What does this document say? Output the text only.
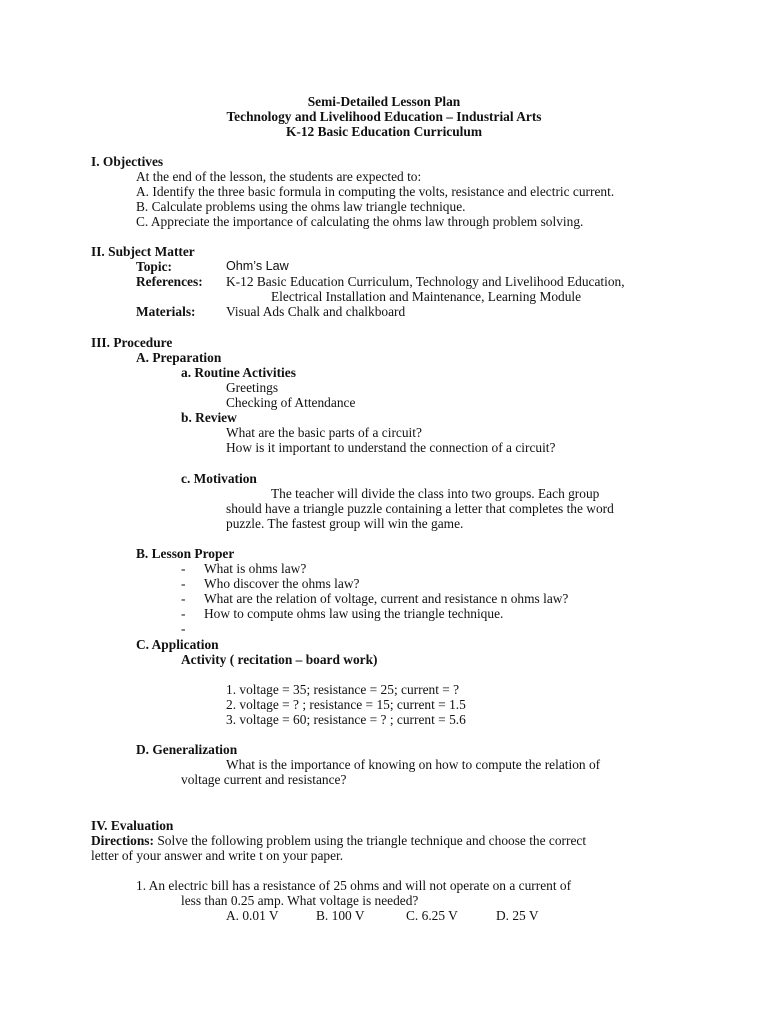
Semi-Detailed Lesson Plan
Technology and Livelihood Education – Industrial Arts
K-12 Basic Education Curriculum
I. Objectives
At the end of the lesson, the students are expected to:
A. Identify the three basic formula in computing the volts, resistance and electric current.
B. Calculate problems using the ohms law triangle technique.
C. Appreciate the importance of calculating the ohms law through problem solving.
II. Subject Matter
Topic:	Ohm’s Law
References: K-12 Basic Education Curriculum, Technology and Livelihood Education,
Electrical Installation and Maintenance, Learning Module
Materials: Visual Ads Chalk and chalkboard
III. Procedure
A. Preparation
a. Routine Activities
Greetings
Checking of Attendance
b. Review
What are the basic parts of a circuit?
How is it important to understand the connection of a circuit?
c. Motivation
The teacher will divide the class into two groups. Each group
should have a triangle puzzle containing a letter that completes the word
puzzle. The fastest group will win the game.
B. Lesson Proper
- What is ohms law?
- Who discover the ohms law?
- What are the relation of voltage, current and resistance n ohms law?
- How to compute ohms law using the triangle technique.
-
C. Application
Activity ( recitation – board work)
1. voltage = 35; resistance = 25; current = ?
2. voltage = ? ; resistance = 15; current = 1.5
3. voltage = 60; resistance = ? ; current = 5.6
D. Generalization
What is the importance of knowing on how to compute the relation of
voltage current and resistance?
IV. Evaluation
Directions: Solve the following problem using the triangle technique and choose the correct
letter of your answer and write t on your paper.
1. An electric bill has a resistance of 25 ohms and will not operate on a current of
less than 0.25 amp. What voltage is needed?
A. 0.01 V	B. 100 V	C. 6.25 V	D. 25 V
